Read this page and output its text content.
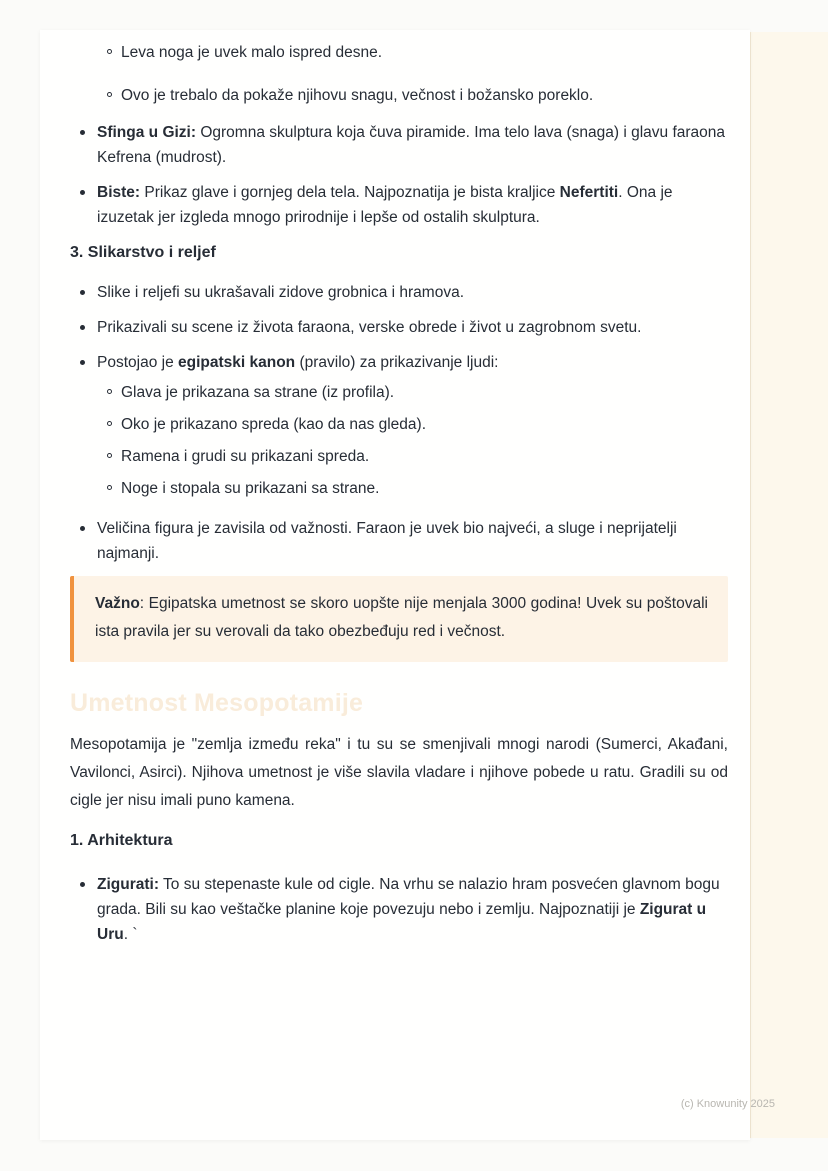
Leva noga je uvek malo ispred desne.
Ovo je trebalo da pokaže njihovu snagu, večnost i božansko poreklo.
Sfinga u Gizi: Ogromna skulptura koja čuva piramide. Ima telo lava (snaga) i glavu faraona Kefrena (mudrost).
Biste: Prikaz glave i gornjeg dela tela. Najpoznatija je bista kraljice Nefertiti. Ona je izuzetak jer izgleda mnogo prirodnije i lepše od ostalih skulptura.
3. Slikarstvo i reljef
Slike i reljefi su ukrašavali zidove grobnica i hramova.
Prikazivali su scene iz života faraona, verske obrede i život u zagrobnom svetu.
Postojao je egipatski kanon (pravilo) za prikazivanje ljudi:
Glava je prikazana sa strane (iz profila).
Oko je prikazano spreda (kao da nas gleda).
Ramena i grudi su prikazani spreda.
Noge i stopala su prikazani sa strane.
Veličina figura je zavisila od važnosti. Faraon je uvek bio najveći, a sluge i neprijatelji najmanji.

Važno: Egipatska umetnost se skoro uopšte nije menjala 3000 godina! Uvek su poštovali ista pravila jer su verovali da tako obezbeđuju red i večnost.

Umetnost Mesopotamije

Mesopotamija je "zemlja između reka" i tu su se smenjivali mnogi narodi (Sumerci, Akađani, Vavilonci, Asirci). Njihova umetnost je više slavila vladare i njihove pobede u ratu. Gradili su od cigle jer nisu imali puno kamena.

1. Arhitektura
Zigurati: To su stepenaste kule od cigle. Na vrhu se nalazio hram posvećen glavnom bogu grada. Bili su kao veštačke planine koje povezuju nebo i zemlju. Najpoznatiji je Zigurat u Uru. `
(c) Knowunity 2025
